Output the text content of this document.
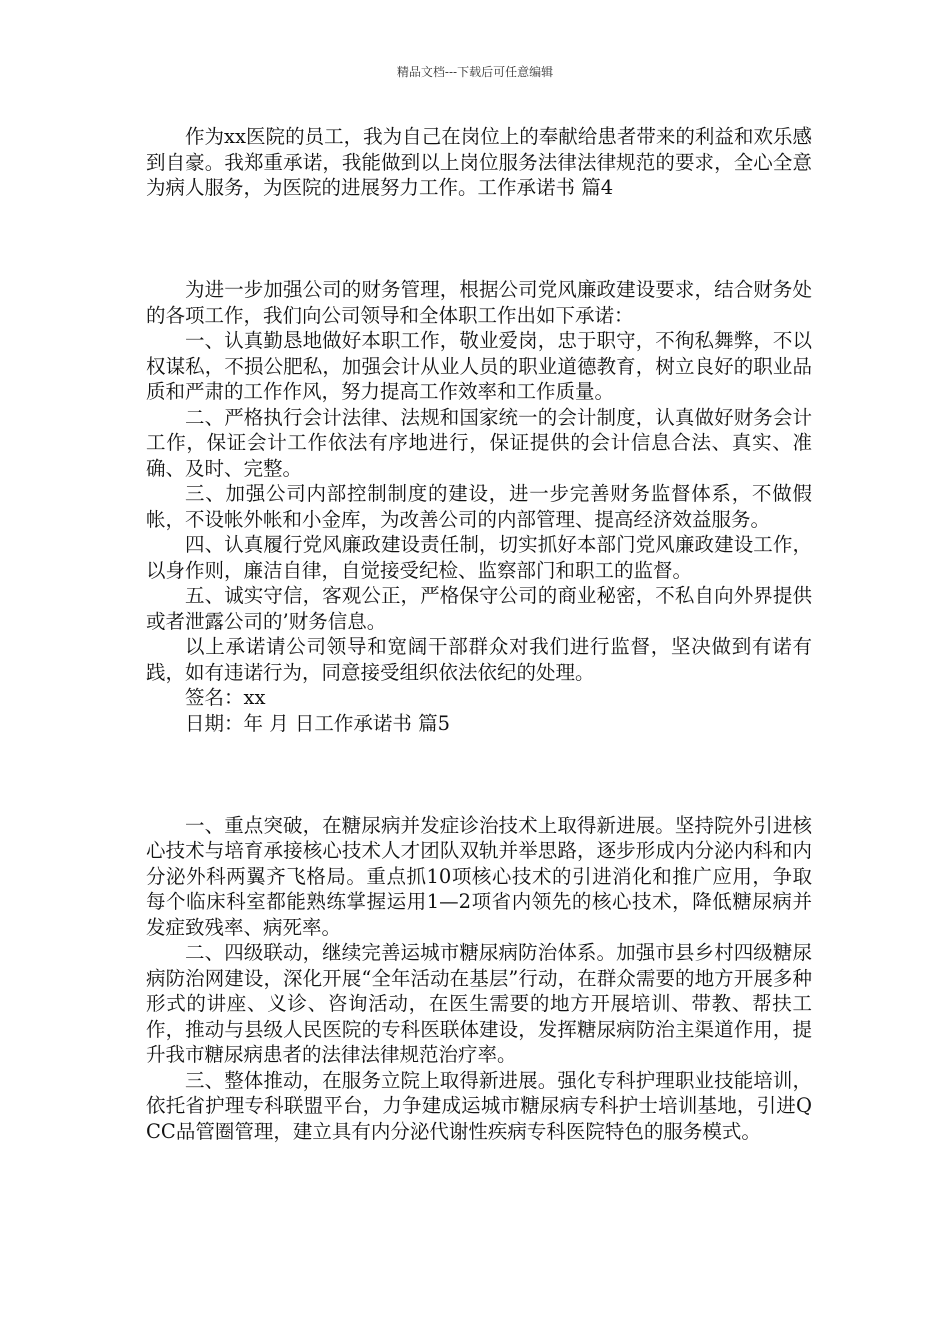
精品文档---下载后可任意编辑

作为xx医院的员工，我为自己在岗位上的奉献给患者带来的利益和欢乐感到自豪。我郑重承诺，我能做到以上岗位服务法律法律规范的要求，全心全意为病人服务，为医院的进展努力工作。工作承诺书 篇4

为进一步加强公司的财务管理，根据公司党风廉政建设要求，结合财务处的各项工作，我们向公司领导和全体职工作出如下承诺：

一、认真勤恳地做好本职工作，敬业爱岗，忠于职守，不徇私舞弊，不以权谋私，不损公肥私，加强会计从业人员的职业道德教育，树立良好的职业品质和严肃的工作作风，努力提高工作效率和工作质量。

二、严格执行会计法律、法规和国家统一的会计制度，认真做好财务会计工作，保证会计工作依法有序地进行，保证提供的会计信息合法、真实、准确、及时、完整。

三、加强公司内部控制制度的建设，进一步完善财务监督体系，不做假帐，不设帐外帐和小金库，为改善公司的内部管理、提高经济效益服务。

四、认真履行党风廉政建设责任制，切实抓好本部门党风廉政建设工作，以身作则，廉洁自律，自觉接受纪检、监察部门和职工的监督。

五、诚实守信，客观公正，严格保守公司的商业秘密，不私自向外界提供或者泄露公司的’财务信息。

以上承诺请公司领导和宽阔干部群众对我们进行监督，坚决做到有诺有践，如有违诺行为，同意接受组织依法依纪的处理。

签名：xx

日期：年 月 日工作承诺书 篇5

一、重点突破，在糖尿病并发症诊治技术上取得新进展。坚持院外引进核心技术与培育承接核心技术人才团队双轨并举思路，逐步形成内分泌内科和内分泌外科两翼齐飞格局。重点抓10项核心技术的引进消化和推广应用，争取每个临床科室都能熟练掌握运用1—2项省内领先的核心技术，降低糖尿病并发症致残率、病死率。

二、四级联动，继续完善运城市糖尿病防治体系。加强市县乡村四级糖尿病防治网建设，深化开展“全年活动在基层”行动，在群众需要的地方开展多种形式的讲座、义诊、咨询活动，在医生需要的地方开展培训、带教、帮扶工作，推动与县级人民医院的专科医联体建设，发挥糖尿病防治主渠道作用，提升我市糖尿病患者的法律法律规范治疗率。

三、整体推动，在服务立院上取得新进展。强化专科护理职业技能培训，依托省护理专科联盟平台，力争建成运城市糖尿病专科护士培训基地，引进QCC品管圈管理，建立具有内分泌代谢性疾病专科医院特色的服务模式。
